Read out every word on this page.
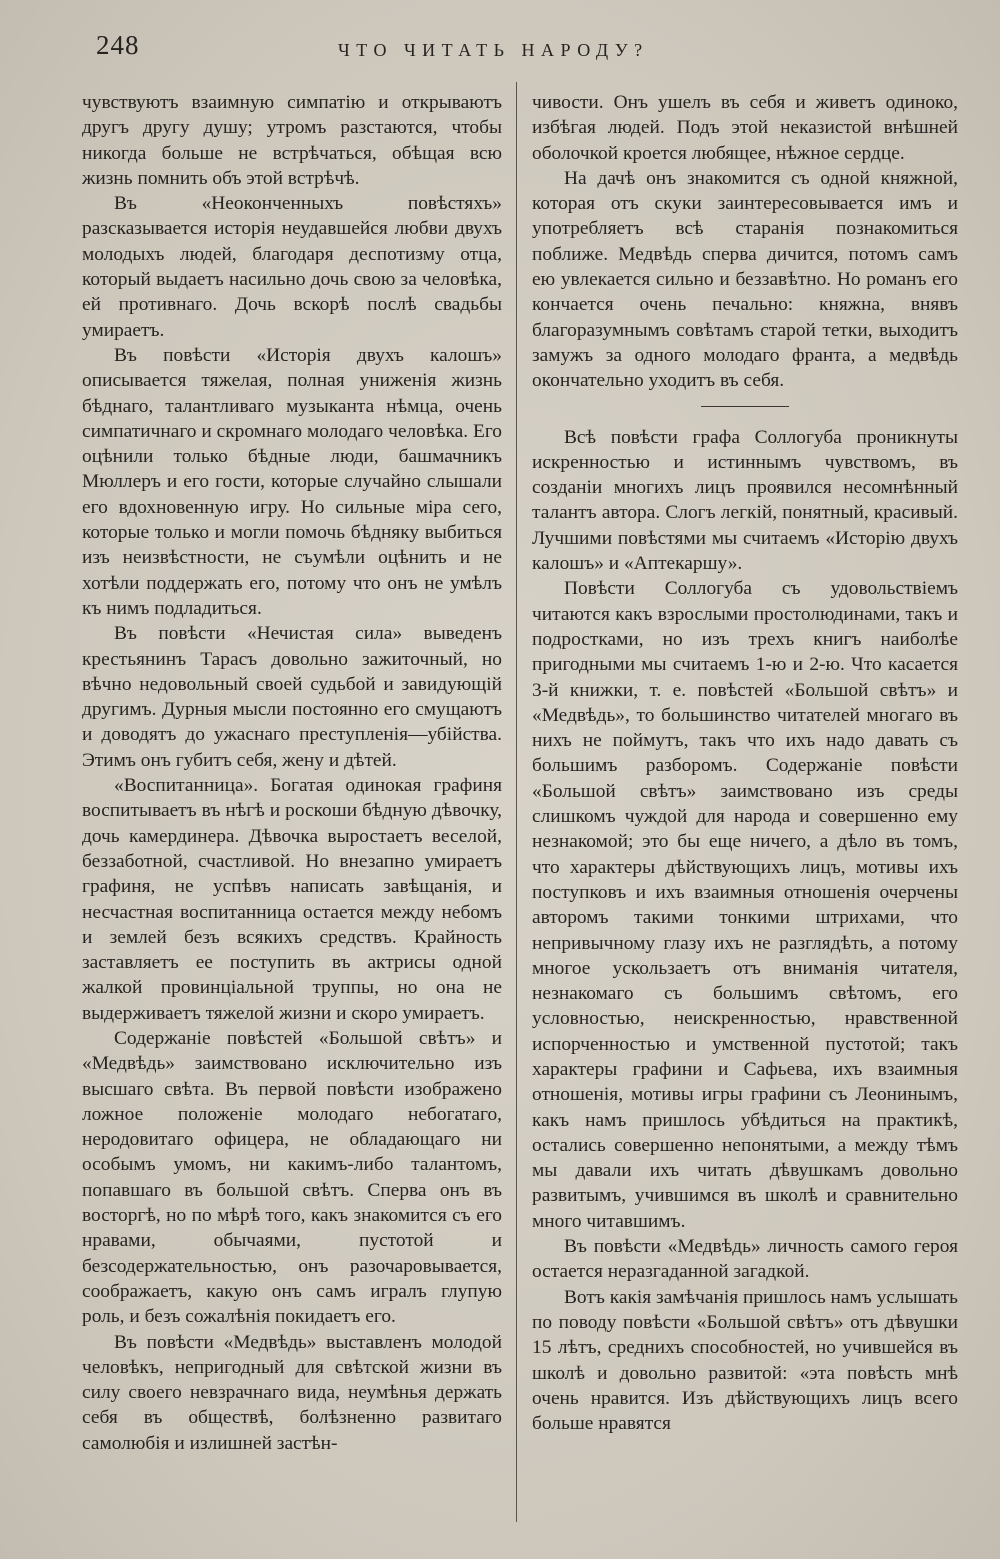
248	ЧТО ЧИТАТЬ НАРОДУ?

чувствуютъ взаимную симпатію и открываютъ другъ другу душу; утромъ разстаются, чтобы никогда больше не встрѣчаться, обѣщая всю жизнь помнить объ этой встрѣчѣ.

Въ «Неоконченныхъ повѣстяхъ» разсказывается исторія неудавшейся любви двухъ молодыхъ людей, благодаря деспотизму отца, который выдаетъ насильно дочь свою за человѣка, ей противнаго. Дочь вскорѣ послѣ свадьбы умираетъ.

Въ повѣсти «Исторія двухъ калошъ» описывается тяжелая, полная униженія жизнь бѣднаго, талантливаго музыканта нѣмца, очень симпатичнаго и скромнаго молодаго человѣка. Его оцѣнили только бѣдные люди, башмачникъ Мюллеръ и его гости, которые случайно слышали его вдохновенную игру. Но сильные міра сего, которые только и могли помочь бѣдняку выбиться изъ неизвѣстности, не съумѣли оцѣнить и не хотѣли поддержать его, потому что онъ не умѣлъ къ нимъ подладиться.

Въ повѣсти «Нечистая сила» выведенъ крестьянинъ Тарасъ довольно зажиточный, но вѣчно недовольный своей судьбой и завидующій другимъ. Дурныя мысли постоянно его смущаютъ и доводятъ до ужаснаго преступленія—убійства. Этимъ онъ губитъ себя, жену и дѣтей.

«Воспитанница». Богатая одинокая графиня воспитываетъ въ нѣгѣ и роскоши бѣдную дѣвочку, дочь камердинера. Дѣвочка выростаетъ веселой, беззаботной, счастливой. Но внезапно умираетъ графиня, не успѣвъ написать завѣщанія, и несчастная воспитанница остается между небомъ и землей безъ всякихъ средствъ. Крайность заставляетъ ее поступить въ актрисы одной жалкой провинціальной труппы, но она не выдерживаетъ тяжелой жизни и скоро умираетъ.

Содержаніе повѣстей «Большой свѣтъ» и «Медвѣдь» заимствовано исключительно изъ высшаго свѣта. Въ первой повѣсти изображено ложное положеніе молодаго небогатаго, неродовитаго офицера, не обладающаго ни особымъ умомъ, ни какимъ-либо талантомъ, попавшаго въ большой свѣтъ. Сперва онъ въ восторгѣ, но по мѣрѣ того, какъ знакомится съ его нравами, обычаями, пустотой и безсодержательностью, онъ разочаровывается, соображаетъ, какую онъ самъ игралъ глупую роль, и безъ сожалѣнія покидаетъ его.

Въ повѣсти «Медвѣдь» выставленъ молодой человѣкъ, непригодный для свѣтской жизни въ силу своего невзрачнаго вида, неумѣнья держать себя въ обществѣ, болѣзненно развитаго самолюбія и излишней застѣн-

чивости. Онъ ушелъ въ себя и живетъ одиноко, избѣгая людей. Подъ этой неказистой внѣшней оболочкой кроется любящее, нѣжное сердце.

На дачѣ онъ знакомится съ одной княжной, которая отъ скуки заинтересовывается имъ и употребляетъ всѣ старанія познакомиться поближе. Медвѣдь сперва дичится, потомъ самъ ею увлекается сильно и беззавѣтно. Но романъ его кончается очень печально: княжна, внявъ благоразумнымъ совѣтамъ старой тетки, выходитъ замужъ за одного молодаго франта, а медвѣдь окончательно уходитъ въ себя.

Всѣ повѣсти графа Соллогуба проникнуты искренностью и истиннымъ чувствомъ, въ созданіи многихъ лицъ проявился несомнѣнный талантъ автора. Слогъ легкій, понятный, красивый. Лучшими повѣстями мы считаемъ «Исторію двухъ калошъ» и «Аптекаршу».

Повѣсти Соллогуба съ удовольствіемъ читаются какъ взрослыми простолюдинами, такъ и подростками, но изъ трехъ книгъ наиболѣе пригодными мы считаемъ 1-ю и 2-ю. Что касается 3-й книжки, т. е. повѣстей «Большой свѣтъ» и «Медвѣдь», то большинство читателей многаго въ нихъ не поймутъ, такъ что ихъ надо давать съ большимъ разборомъ. Содержаніе повѣсти «Большой свѣтъ» заимствовано изъ среды слишкомъ чуждой для народа и совершенно ему незнакомой; это бы еще ничего, а дѣло въ томъ, что характеры дѣйствующихъ лицъ, мотивы ихъ поступковъ и ихъ взаимныя отношенія очерчены авторомъ такими тонкими штрихами, что непривычному глазу ихъ не разглядѣть, а потому многое ускользаетъ отъ вниманія читателя, незнакомаго съ большимъ свѣтомъ, его условностью, неискренностью, нравственной испорченностью и умственной пустотой; такъ характеры графини и Сафьева, ихъ взаимныя отношенія, мотивы игры графини съ Леонинымъ, какъ намъ пришлось убѣдиться на практикѣ, остались совершенно непонятыми, а между тѣмъ мы давали ихъ читать дѣвушкамъ довольно развитымъ, учившимся въ школѣ и сравнительно много читавшимъ.

Въ повѣсти «Медвѣдь» личность самого героя остается неразгаданной загадкой.

Вотъ какія замѣчанія пришлось намъ услышать по поводу повѣсти «Большой свѣтъ» отъ дѣвушки 15 лѣтъ, среднихъ способностей, но учившейся въ школѣ и довольно развитой: «эта повѣсть мнѣ очень нравится. Изъ дѣйствующихъ лицъ всего больше нравятся
